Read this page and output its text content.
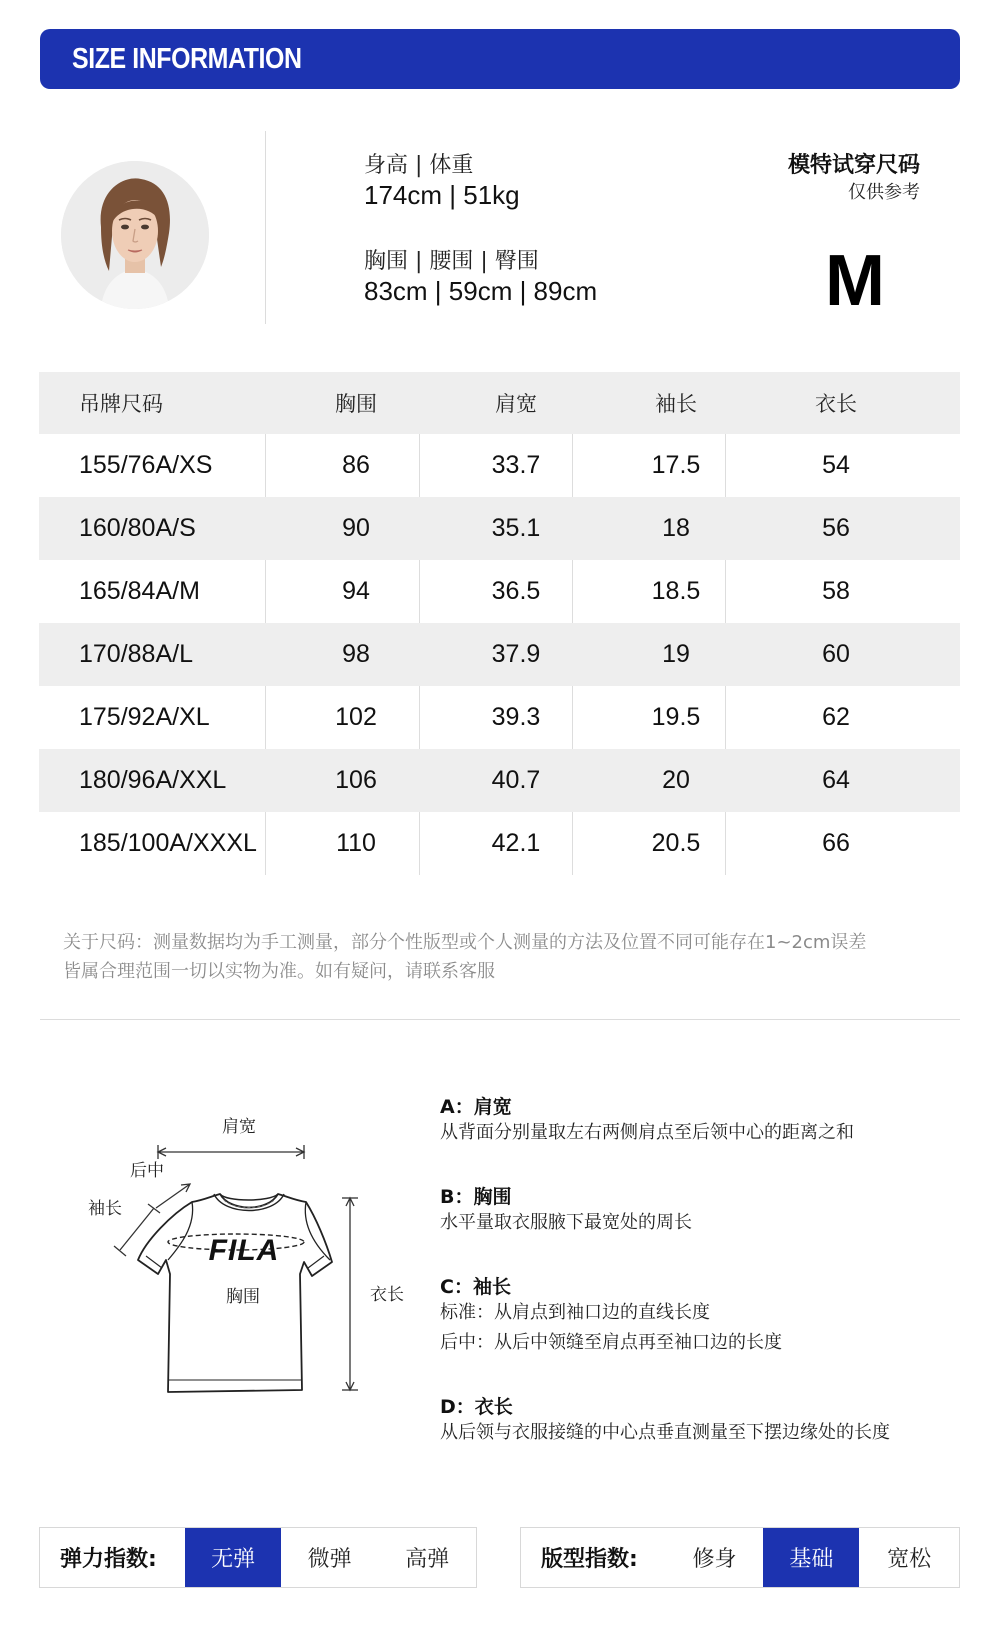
SIZE INFORMATION
身高 | 体重
174cm | 51kg
胸围 | 腰围 | 臀围
83cm | 59cm | 89cm
模特试穿尺码
仅供参考
M
吊牌尺码	胸围	肩宽	袖长	衣长
155/76A/XS	86	33.7	17.5	54
160/80A/S	90	35.1	18	56
165/84A/M	94	36.5	18.5	58
170/88A/L	98	37.9	19	60
175/92A/XL	102	39.3	19.5	62
180/96A/XXL	106	40.7	20	64
185/100A/XXXL	110	42.1	20.5	66
关于尺码：测量数据均为手工测量，部分个性版型或个人测量的方法及位置不同可能存在1~2cm误差
皆属合理范围一切以实物为准。如有疑问，请联系客服
FILA
肩宽
后中
袖长
胸围	衣长
A：肩宽
从背面分别量取左右两侧肩点至后领中心的距离之和
B：胸围
水平量取衣服腋下最宽处的周长
C：袖长
标准：从肩点到袖口边的直线长度
后中：从后中领缝至肩点再至袖口边的长度
D：衣长
从后领与衣服接缝的中心点垂直测量至下摆边缘处的长度
弹力指数:	无弹	微弹	高弹	版型指数:	修身	基础	宽松
